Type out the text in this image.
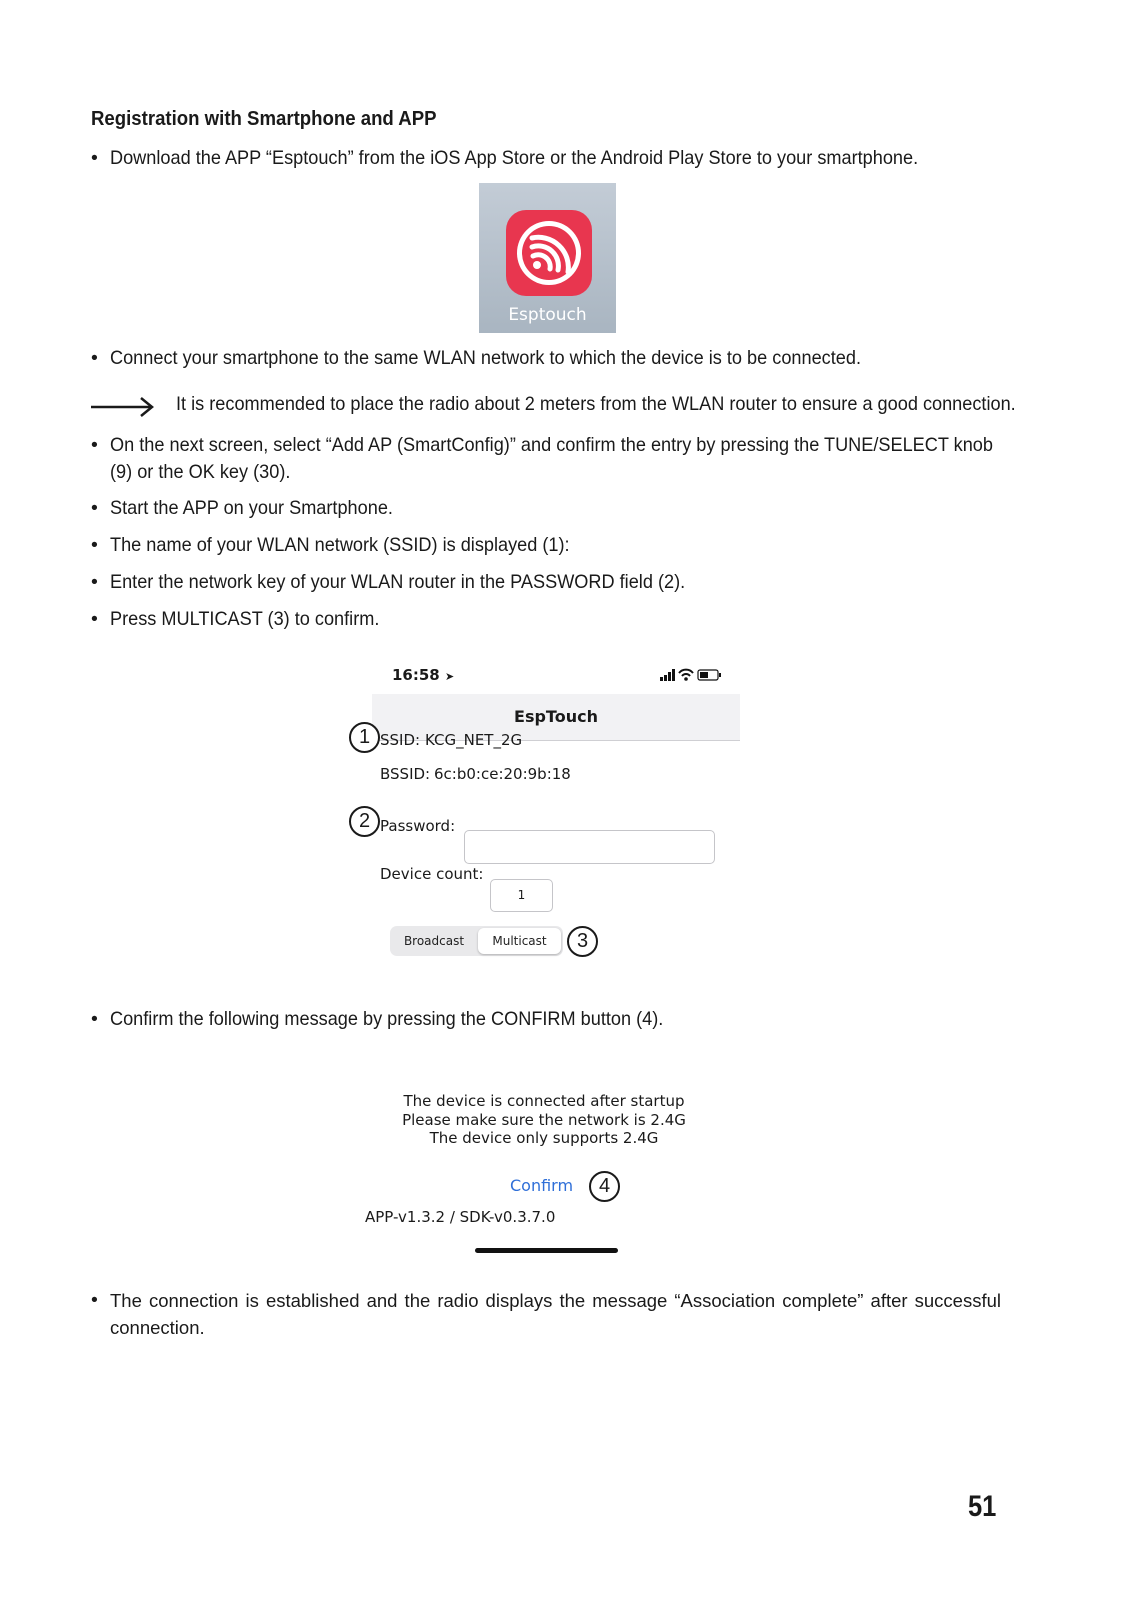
Registration with Smartphone and APP
• Download the APP “Esptouch” from the iOS App Store or the Android Play Store to your smartphone.
Esptouch
• Connect your smartphone to the same WLAN network to which the device is to be connected.
It is recommended to place the radio about 2 meters from the WLAN router to ensure a good connection.
• On the next screen, select “Add AP (SmartConfig)” and confirm the entry by pressing the TUNE/SELECT knob (9) or the OK key (30).
• Start the APP on your Smartphone.
• The name of your WLAN network (SSID) is displayed (1):
• Enter the network key of your WLAN router in the PASSWORD field (2).
• Press MULTICAST (3) to confirm.
16:58 ➤
EspTouch
1 SSID: KCG_NET_2G
BSSID: 6c:b0:ce:20:9b:18
2 Password:
Device count:
1
Broadcast	Multicast	3
• Confirm the following message by pressing the CONFIRM button (4).
The device is connected after startup
Please make sure the network is 2.4G
The device only supports 2.4G
Confirm	4
APP-v1.3.2 / SDK-v0.3.7.0
• The connection is established and the radio displays the message “Association complete” after successful connection.
51
